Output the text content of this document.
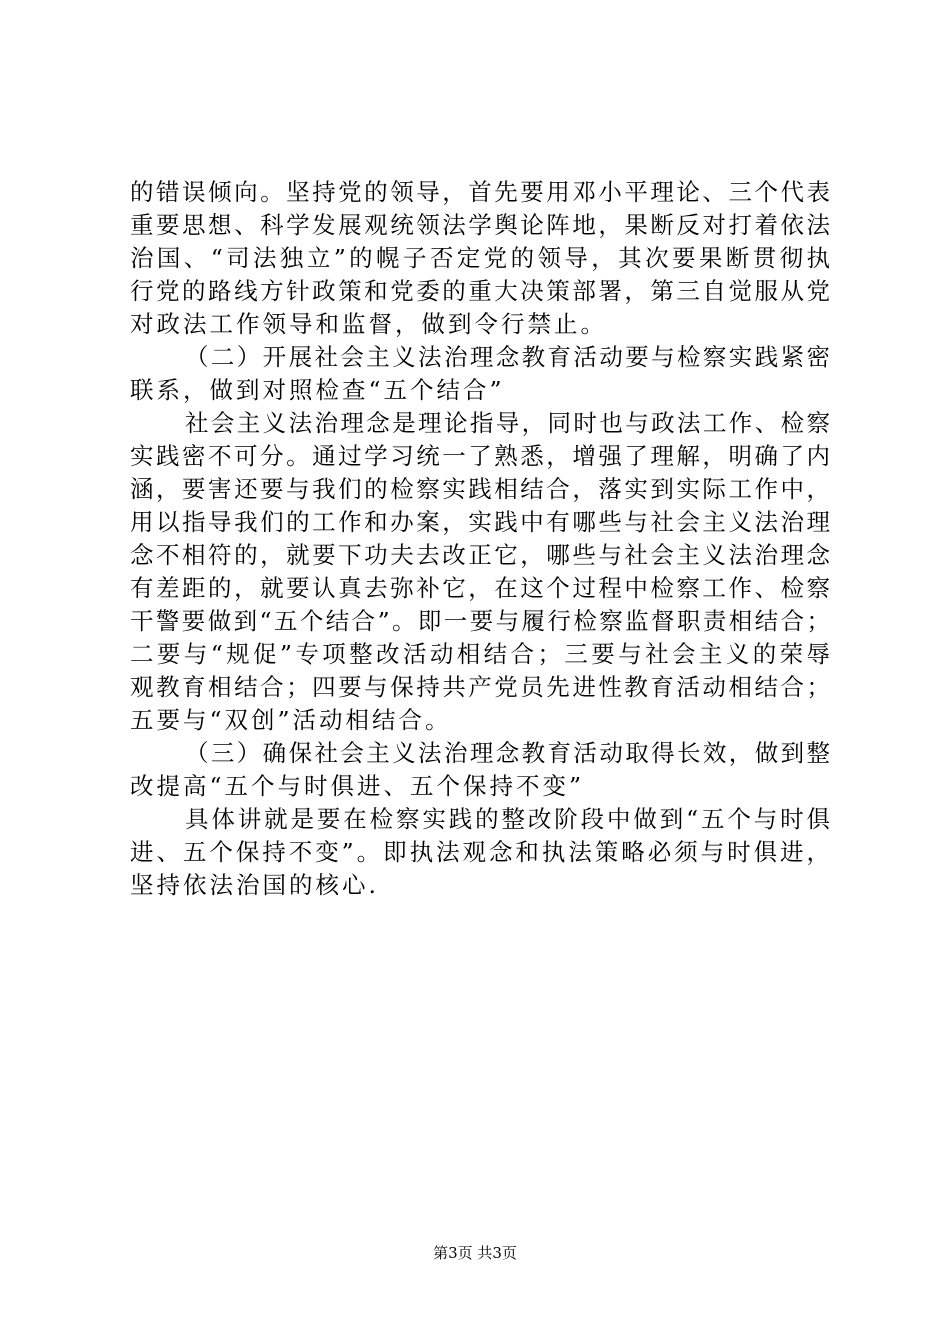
的错误倾向。坚持党的领导，首先要用邓小平理论、三个代表
重要思想、科学发展观统领法学舆论阵地，果断反对打着依法
治国、“司法独立”的幌子否定党的领导，其次要果断贯彻执
行党的路线方针政策和党委的重大决策部署，第三自觉服从党
对政法工作领导和监督，做到令行禁止。
（二）开展社会主义法治理念教育活动要与检察实践紧密
联系，做到对照检查“五个结合”
社会主义法治理念是理论指导，同时也与政法工作、检察
实践密不可分。通过学习统一了熟悉，增强了理解，明确了内
涵，要害还要与我们的检察实践相结合，落实到实际工作中，
用以指导我们的工作和办案，实践中有哪些与社会主义法治理
念不相符的，就要下功夫去改正它，哪些与社会主义法治理念
有差距的，就要认真去弥补它，在这个过程中检察工作、检察
干警要做到“五个结合”。即一要与履行检察监督职责相结合；
二要与“规促”专项整改活动相结合；三要与社会主义的荣辱
观教育相结合；四要与保持共产党员先进性教育活动相结合；
五要与“双创”活动相结合。
（三）确保社会主义法治理念教育活动取得长效，做到整
改提高“五个与时俱进、五个保持不变”
具体讲就是要在检察实践的整改阶段中做到“五个与时俱
进、五个保持不变”。即执法观念和执法策略必须与时俱进，
坚持依法治国的核心.
第3页 共3页
